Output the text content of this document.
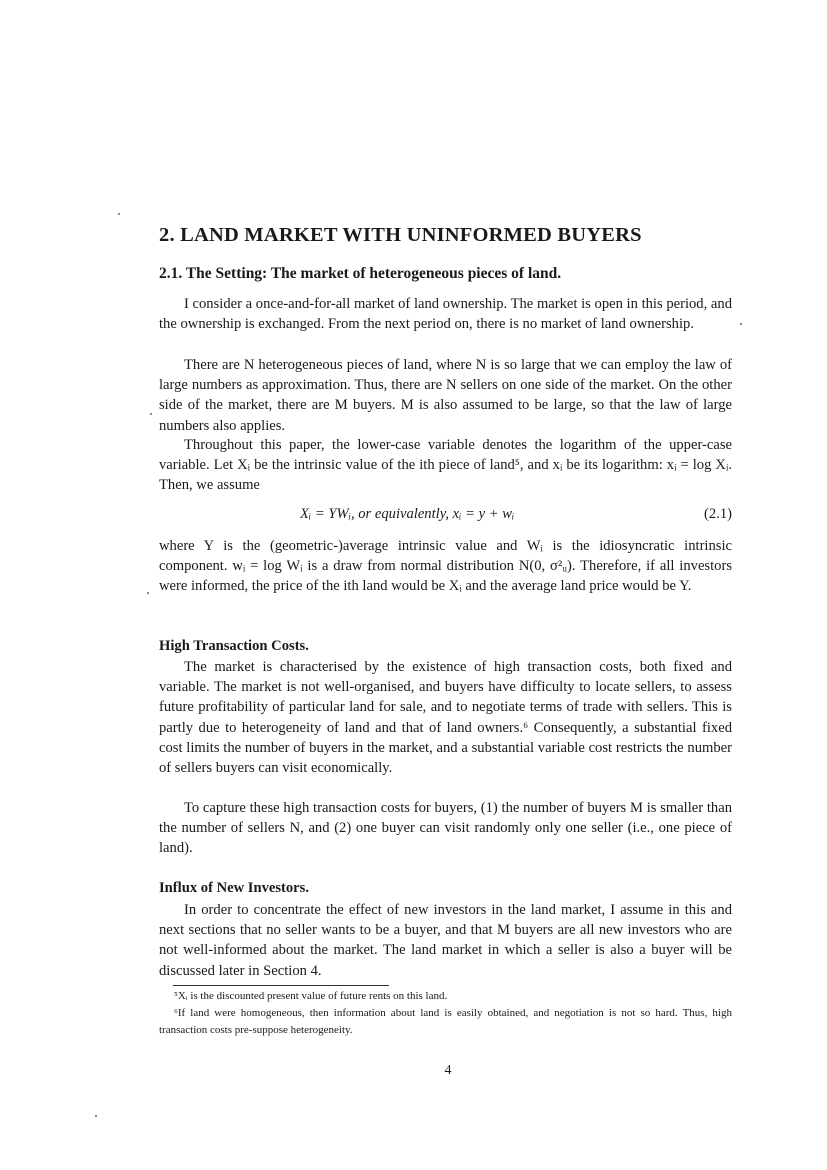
2. LAND MARKET WITH UNINFORMED BUYERS
2.1. The Setting: The market of heterogeneous pieces of land.

I consider a once-and-for-all market of land ownership. The market is open in this period, and the ownership is exchanged. From the next period on, there is no market of land ownership.

There are N heterogeneous pieces of land, where N is so large that we can employ the law of large numbers as approximation. Thus, there are N sellers on one side of the market. On the other side of the market, there are M buyers. M is also assumed to be large, so that the law of large numbers also applies.

Throughout this paper, the lower-case variable denotes the logarithm of the upper-case variable. Let Xᵢ be the intrinsic value of the ith piece of land⁵, and xᵢ be its logarithm: xᵢ = log Xᵢ. Then, we assume

Xᵢ = YWᵢ, or equivalently, xᵢ = y + wᵢ	(2.1)

where Y is the (geometric-)average intrinsic value and Wᵢ is the idiosyncratic intrinsic component. wᵢ = log Wᵢ is a draw from normal distribution N(0, σ²ᵤ). Therefore, if all investors were informed, the price of the ith land would be Xᵢ and the average land price would be Y.

High Transaction Costs.

The market is characterised by the existence of high transaction costs, both fixed and variable. The market is not well-organised, and buyers have difficulty to locate sellers, to assess future profitability of particular land for sale, and to negotiate terms of trade with sellers. This is partly due to heterogeneity of land and that of land owners.⁶ Consequently, a substantial fixed cost limits the number of buyers in the market, and a substantial variable cost restricts the number of sellers buyers can visit economically.

To capture these high transaction costs for buyers, (1) the number of buyers M is smaller than the number of sellers N, and (2) one buyer can visit randomly only one seller (i.e., one piece of land).

Influx of New Investors.

In order to concentrate the effect of new investors in the land market, I assume in this and next sections that no seller wants to be a buyer, and that M buyers are all new investors who are not well-informed about the market. The land market in which a seller is also a buyer will be discussed later in Section 4.

⁵Xᵢ is the discounted present value of future rents on this land.

⁶If land were homogeneous, then information about land is easily obtained, and negotiation is not so hard. Thus, high transaction costs pre-suppose heterogeneity.

4
